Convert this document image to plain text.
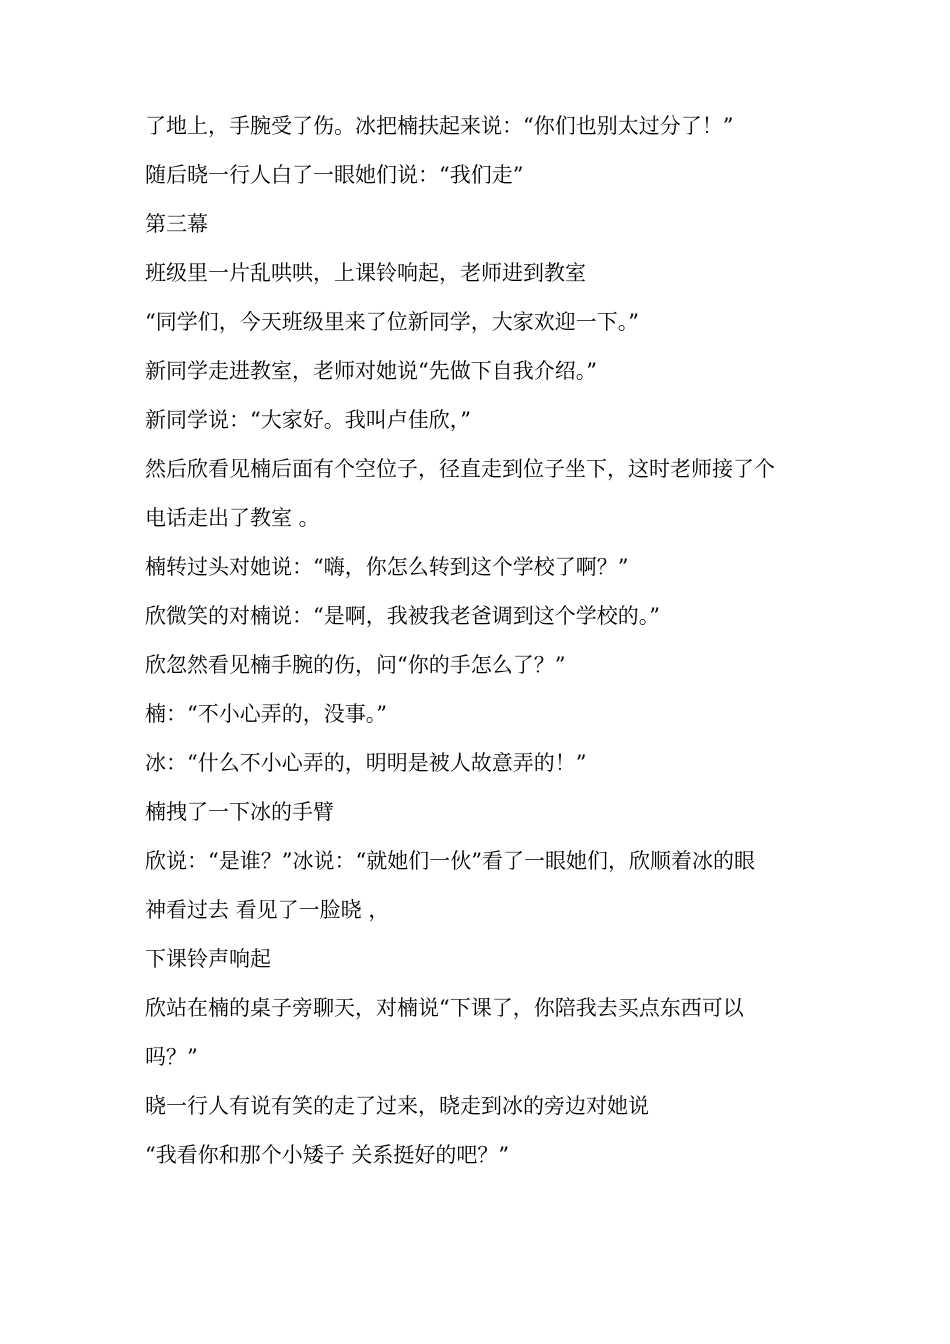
了地上，手腕受了伤。冰把楠扶起来说：“你们也别太过分了！”

随后晓一行人白了一眼她们说：“我们走”

第三幕

班级里一片乱哄哄，上课铃响起，老师进到教室

“同学们，今天班级里来了位新同学，大家欢迎一下。”

新同学走进教室，老师对她说“先做下自我介绍。”

新同学说：“大家好。我叫卢佳欣，”

然后欣看见楠后面有个空位子，径直走到位子坐下，这时老师接了个

电话走出了教室 。

楠转过头对她说：“嗨，你怎么转到这个学校了啊？”

欣微笑的对楠说：“是啊，我被我老爸调到这个学校的。”

欣忽然看见楠手腕的伤，问“你的手怎么了？”

楠：“不小心弄的，没事。”

冰：“什么不小心弄的，明明是被人故意弄的！”

楠拽了一下冰的手臂

欣说：“是谁？”冰说：“就她们一伙”看了一眼她们，欣顺着冰的眼

神看过去 看见了一脸晓 ，

下课铃声响起

欣站在楠的桌子旁聊天，对楠说“下课了，你陪我去买点东西可以

吗？”

晓一行人有说有笑的走了过来，晓走到冰的旁边对她说

“我看你和那个小矮子 关系挺好的吧？”
